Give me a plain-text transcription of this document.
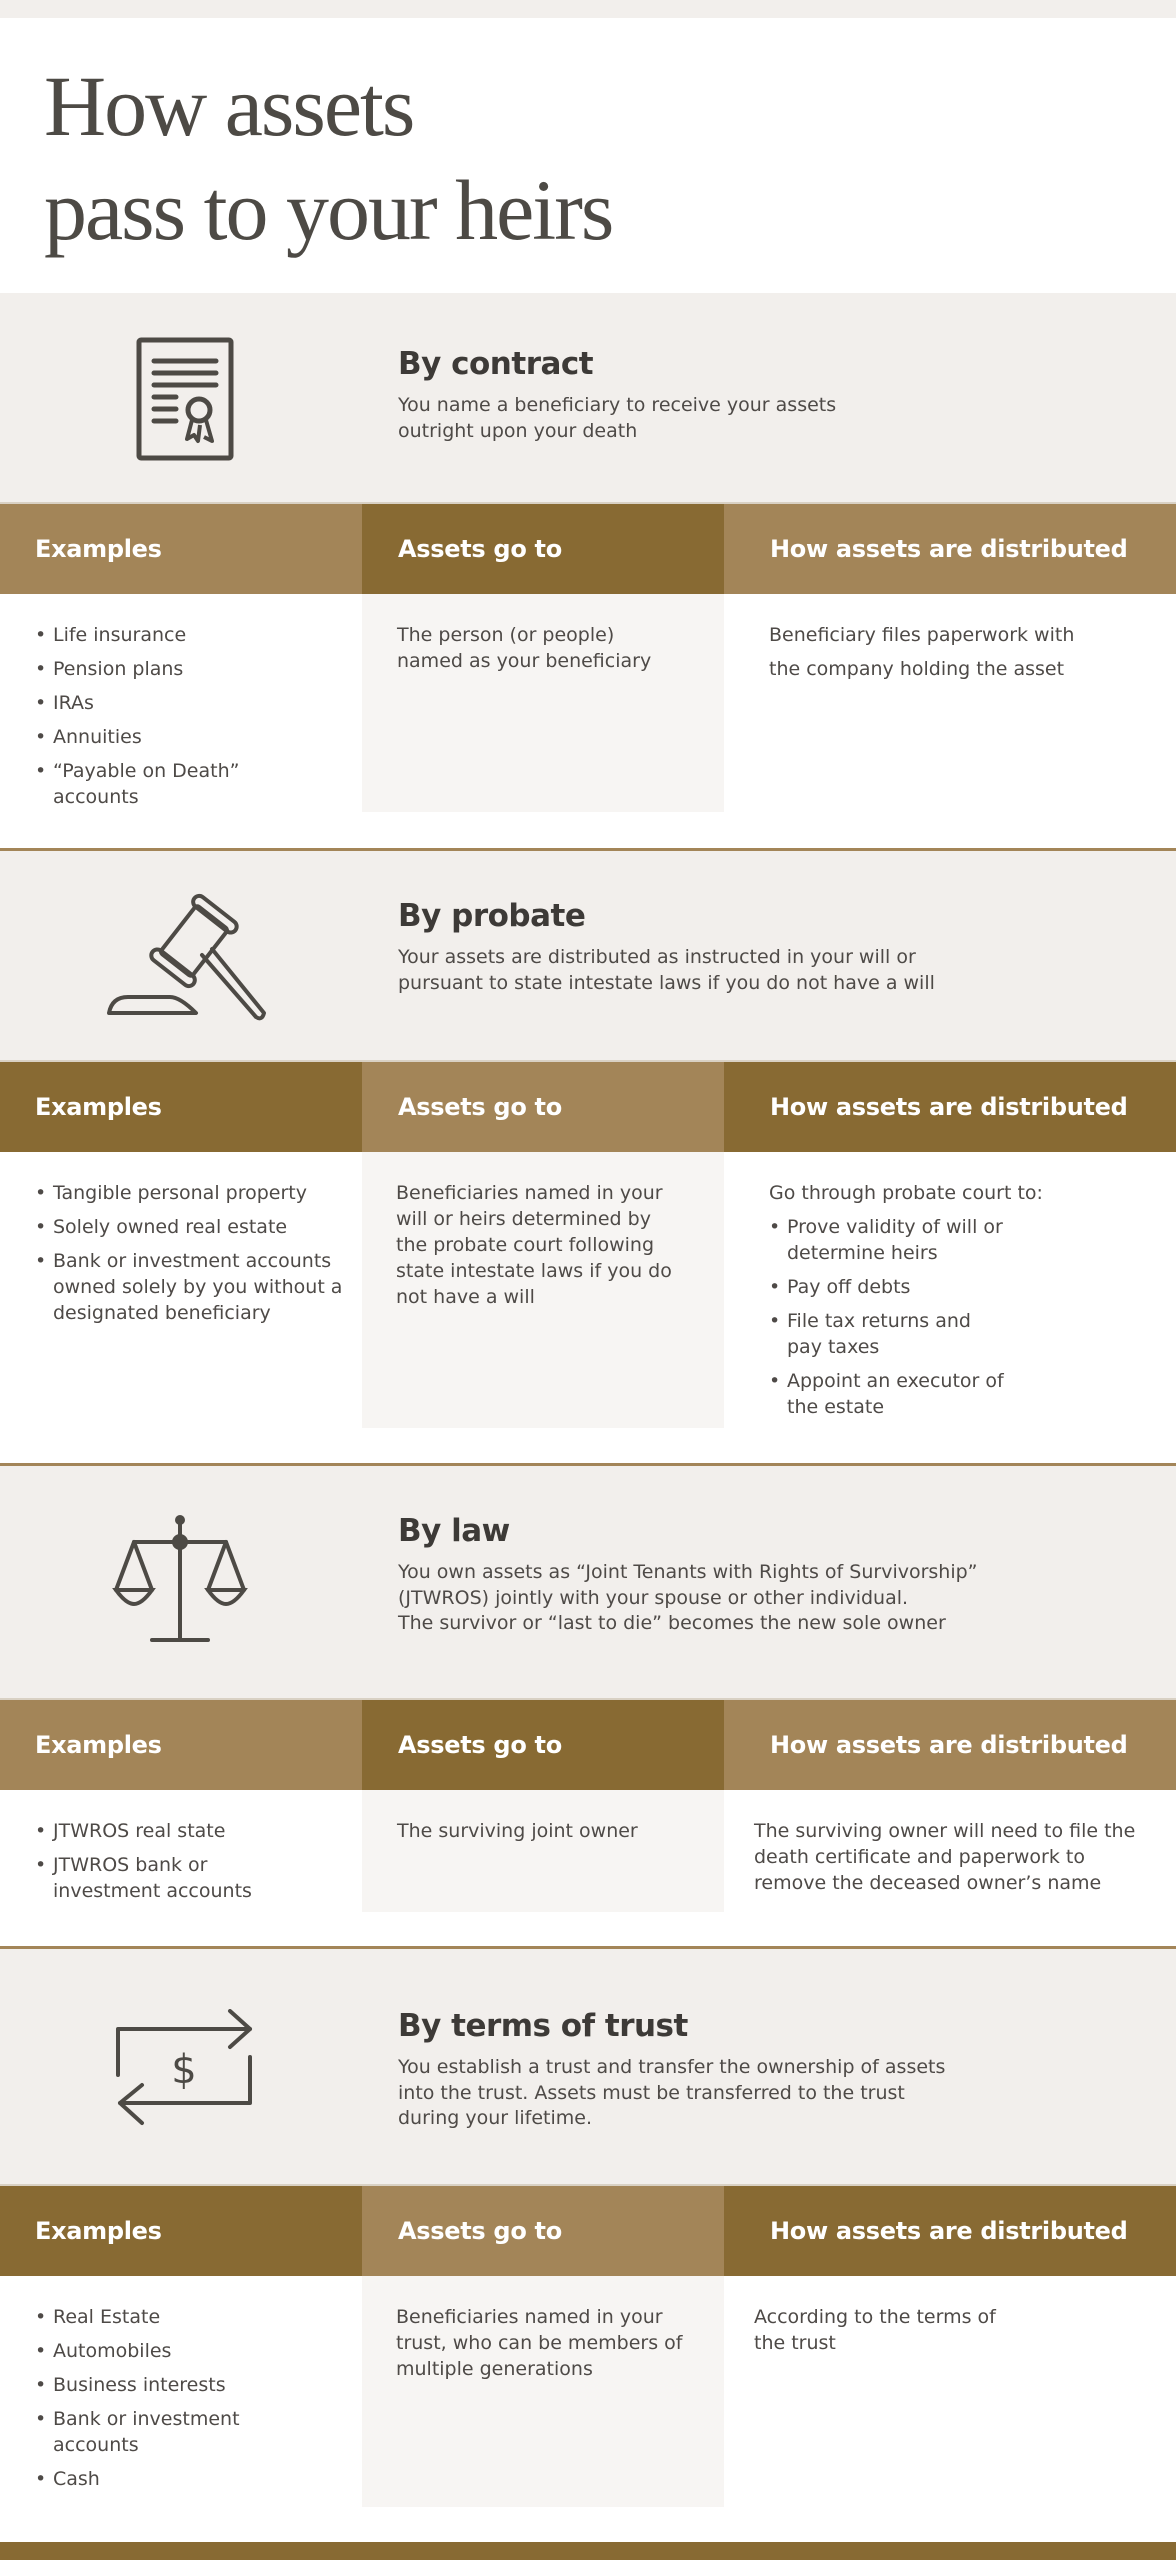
How assets
pass to your heirs
By contract

You name a beneficiary to receive your assets outright upon your death

Examples	Assets go to	How assets are distributed
• Life insurance
• Pension plans
• IRAs
• Annuities
• “Payable on Death” accounts

The person (or people) named as your beneficiary

Beneficiary files paperwork with the company holding the asset

By probate

Your assets are distributed as instructed in your will or pursuant to state intestate laws if you do not have a will

Examples	Assets go to	How assets are distributed
• Tangible personal property
• Solely owned real estate
• Bank or investment accounts owned solely by you without a designated beneficiary

Beneficiaries named in your will or heirs determined by the probate court following state intestate laws if you do not have a will

Go through probate court to:

• Prove validity of will or determine heirs
• Pay off debts
• File tax returns and pay taxes
• Appoint an executor of the estate
By law

You own assets as “Joint Tenants with Rights of Survivorship”
(JTWROS) jointly with your spouse or other individual.
The survivor or “last to die” becomes the new sole owner

Examples	Assets go to	How assets are distributed
• JTWROS real state
• JTWROS bank or investment accounts

The surviving joint owner	The surviving owner will need to file the death certificate and paperwork to remove the deceased owner’s name

$
By terms of trust

You establish a trust and transfer the ownership of assets into the trust. Assets must be transferred to the trust during your lifetime.

Examples	Assets go to	How assets are distributed
• Real Estate
• Automobiles
• Business interests
• Bank or investment accounts
• Cash

Beneficiaries named in your trust, who can be members of multiple generations

According to the terms of the trust
